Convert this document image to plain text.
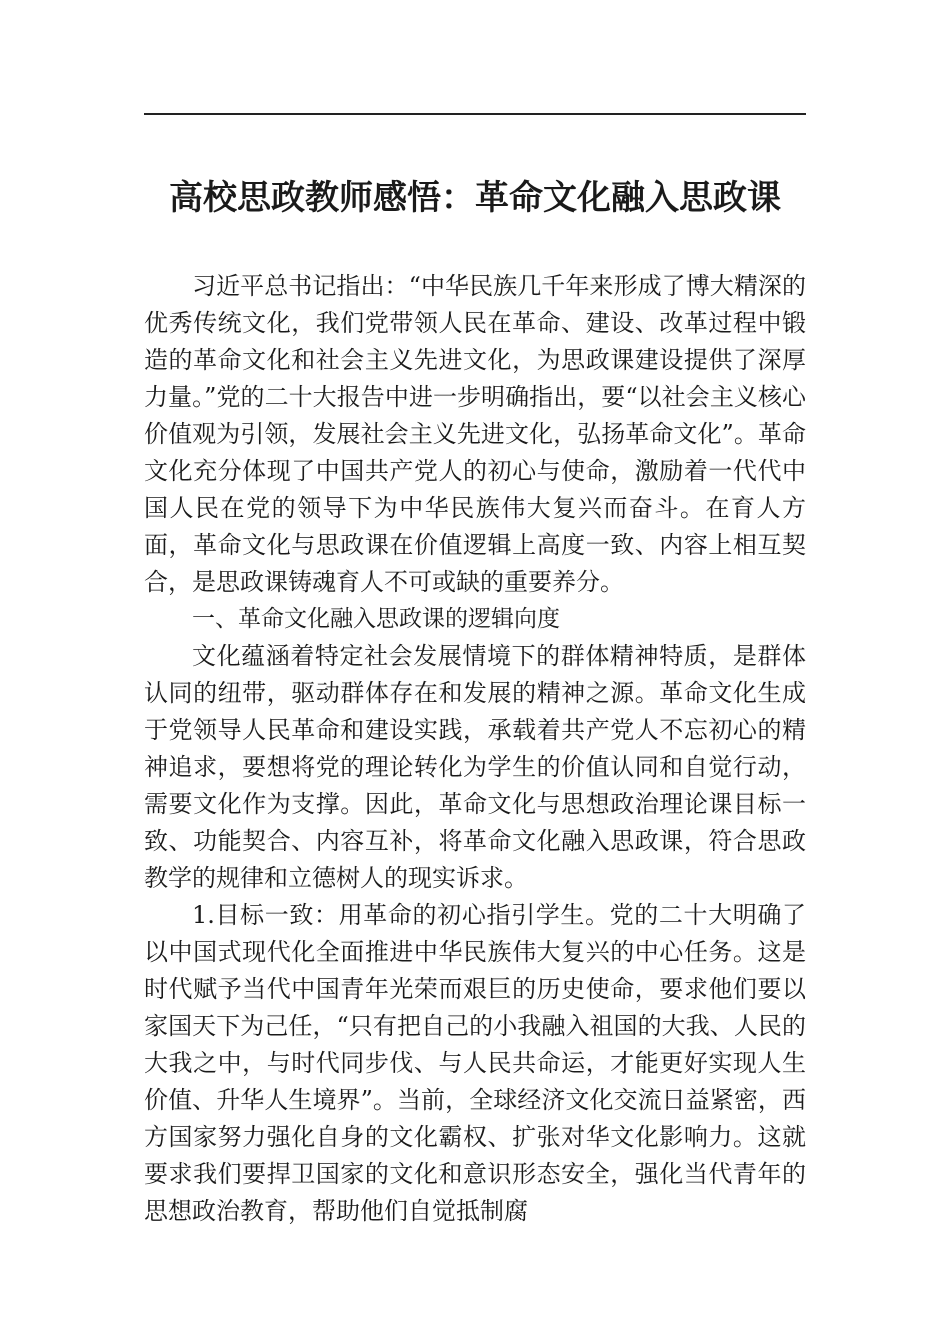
高校思政教师感悟：革命文化融入思政课

习近平总书记指出：“中华民族几千年来形成了博大精深的优秀传统文化，我们党带领人民在革命、建设、改革过程中锻造的革命文化和社会主义先进文化，为思政课建设提供了深厚力量。”党的二十大报告中进一步明确指出，要“以社会主义核心价值观为引领，发展社会主义先进文化，弘扬革命文化”。革命文化充分体现了中国共产党人的初心与使命，激励着一代代中国人民在党的领导下为中华民族伟大复兴而奋斗。在育人方面，革命文化与思政课在价值逻辑上高度一致、内容上相互契合，是思政课铸魂育人不可或缺的重要养分。

一、革命文化融入思政课的逻辑向度

文化蕴涵着特定社会发展情境下的群体精神特质，是群体认同的纽带，驱动群体存在和发展的精神之源。革命文化生成于党领导人民革命和建设实践，承载着共产党人不忘初心的精神追求，要想将党的理论转化为学生的价值认同和自觉行动，需要文化作为支撑。因此，革命文化与思想政治理论课目标一致、功能契合、内容互补，将革命文化融入思政课，符合思政教学的规律和立德树人的现实诉求。

1.目标一致：用革命的初心指引学生。党的二十大明确了以中国式现代化全面推进中华民族伟大复兴的中心任务。这是时代赋予当代中国青年光荣而艰巨的历史使命，要求他们要以家国天下为己任，“只有把自己的小我融入祖国的大我、人民的大我之中，与时代同步伐、与人民共命运，才能更好实现人生价值、升华人生境界”。当前，全球经济文化交流日益紧密，西方国家努力强化自身的文化霸权、扩张对华文化影响力。这就要求我们要捍卫国家的文化和意识形态安全，强化当代青年的思想政治教育，帮助他们自觉抵制腐
